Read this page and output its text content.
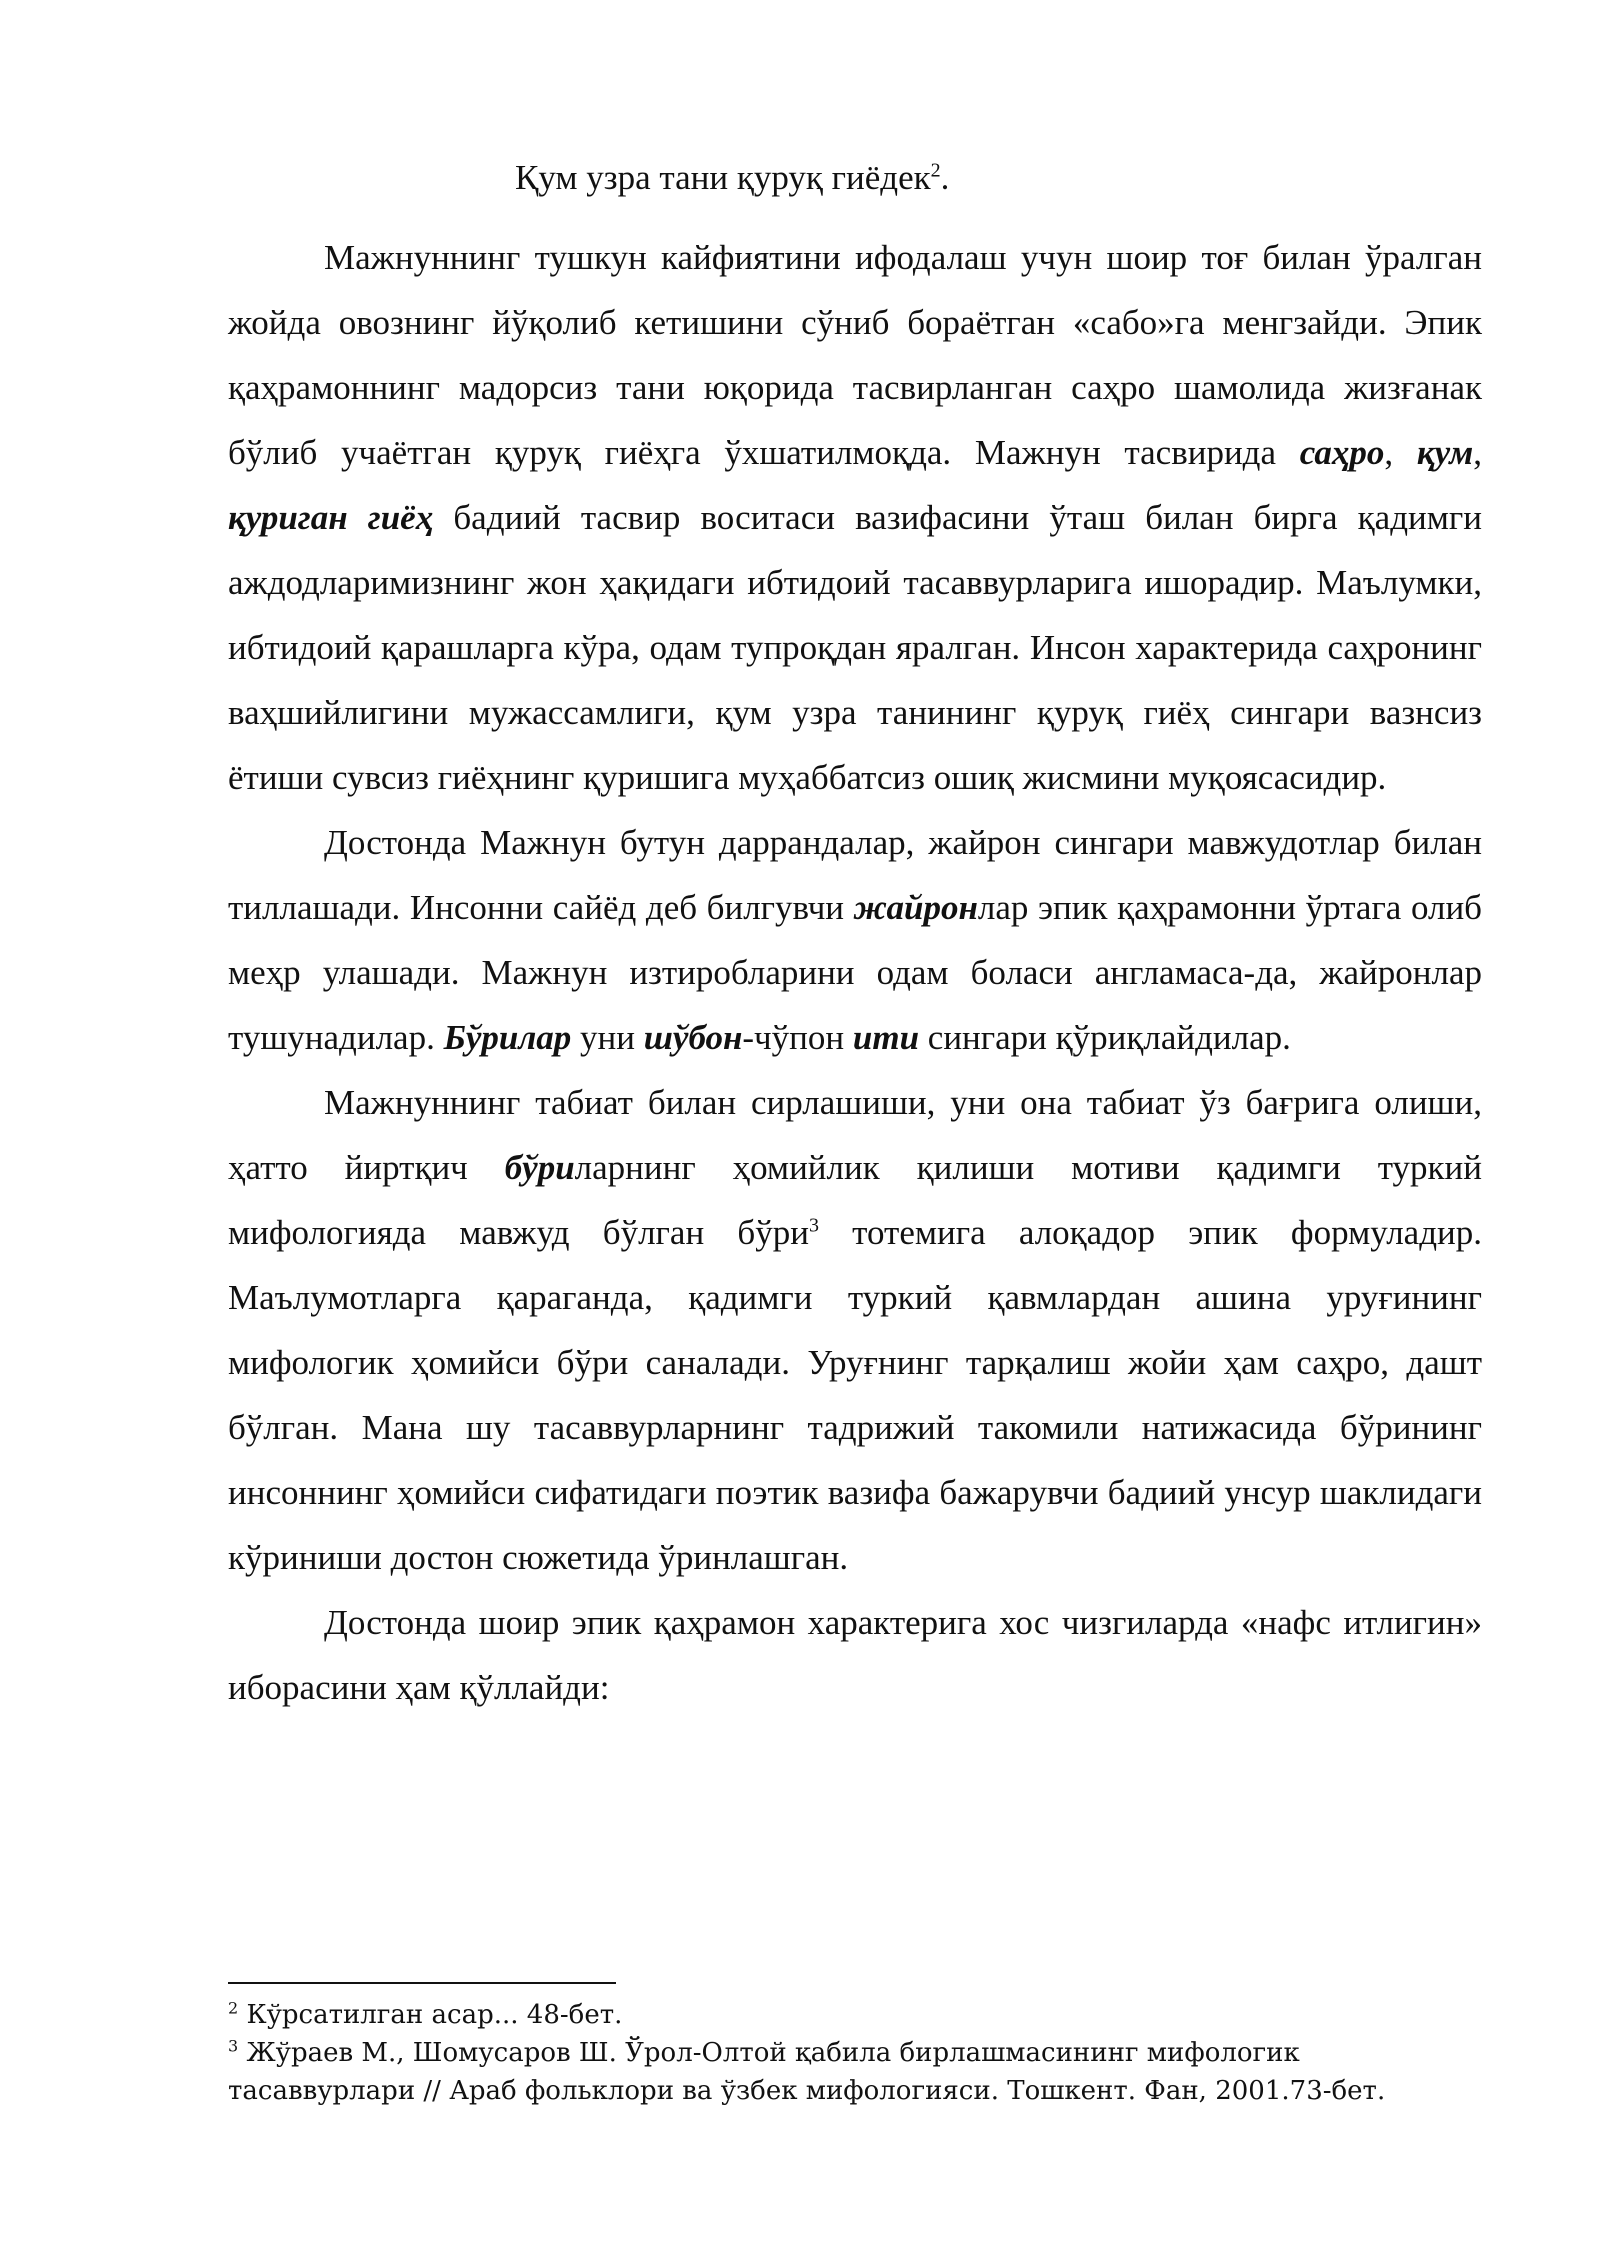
Қум узра тани қуруқ гиёдек$^2$.

Мажнуннинг тушкун кайфиятини ифодалаш учун шоир тоғ билан ўралган жойда овознинг йўқолиб кетишини сўниб бораётган «сабо»га менгзайди. Эпик қаҳрамоннинг мадорсиз тани юқорида тасвирланган саҳро шамолида жизғанак бўлиб учаётган қуруқ гиёҳга ўхшатилмоқда. Мажнун тасвирида саҳро, қум, қуриган гиёҳ бадиий тасвир воситаси вазифасини ўташ билан бирга қадимги аждодларимизнинг жон ҳақидаги ибтидоий тасаввурларига ишорадир. Маълумки, ибтидоий қарашларга кўра, одам тупроқдан яралган. Инсон характерида саҳронинг ваҳшийлигини мужассамлиги, қум узра танининг қуруқ гиёҳ сингари вазнсиз ётиши сувсиз гиёҳнинг қуришига муҳаббатсиз ошиқ жисмини муқоясасидир.

Достонда Мажнун бутун даррандалар, жайрон сингари мавжудотлар билан тиллашади. Инсонни сайёд деб билгувчи жайронлар эпик қаҳрамонни ўртага олиб меҳр улашади. Мажнун изтиробларини одам боласи англамаса-да, жайронлар тушунадилар. Бўрилар уни шўбон-чўпон ити сингари қўриқлайдилар.

Мажнуннинг табиат билан сирлашиши, уни она табиат ўз бағрига олиши, ҳатто йиртқич бўриларнинг ҳомийлик қилиши мотиви қадимги туркий мифологияда мавжуд бўлган бўри$^3$ тотемига алоқадор эпик формуладир. Маълумотларга қараганда, қадимги туркий қавмлардан ашина уруғининг мифологик ҳомийси бўри саналади. Уруғнинг тарқалиш жойи ҳам саҳро, дашт бўлган. Мана шу тасаввурларнинг тадрижий такомили натижасида бўрининг инсоннинг ҳомийси сифатидаги поэтик вазифа бажарувчи бадиий унсур шаклидаги кўриниши достон сюжетида ўринлашган.

Достонда шоир эпик қаҳрамон характерига хос чизгиларда «нафс итлигин» иборасини ҳам қўллайди:

$^2$ Кўрсатилган асар... 48-бет.

$^3$ Жўраев М., Шомусаров Ш. Ўрол-Олтой қабила бирлашмасининг мифологик тасаввурлари // Араб фольклори ва ўзбек мифологияси. Тошкент. Фан, 2001.73-бет.
